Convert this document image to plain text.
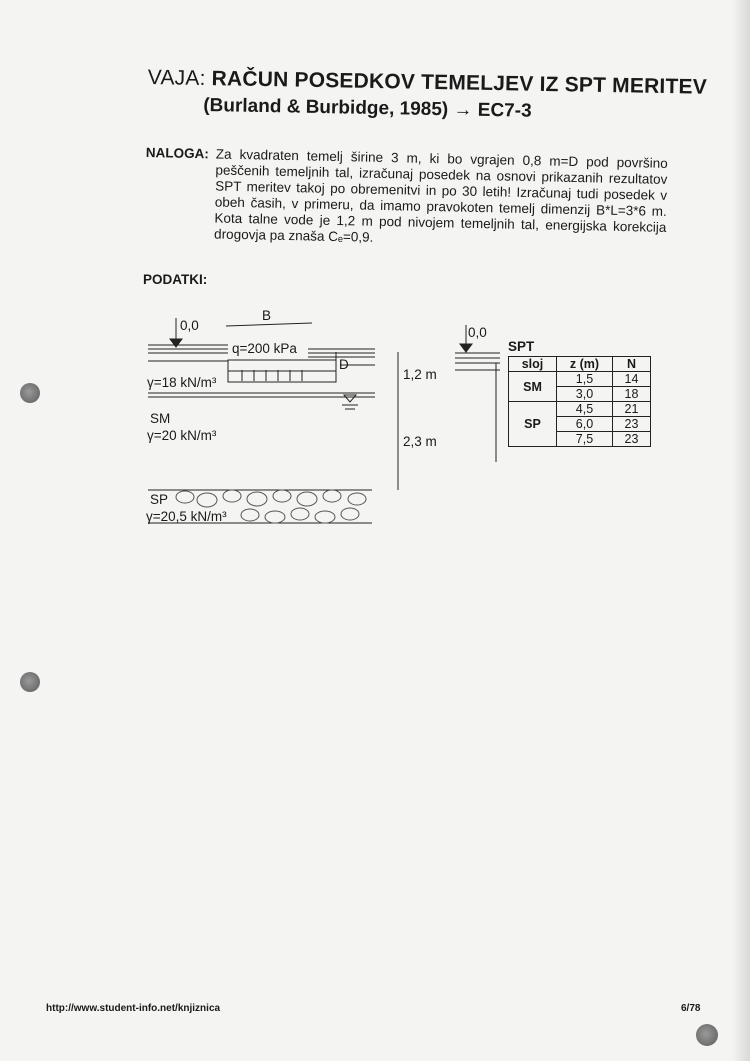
VAJA: RAČUN POSEDKOV TEMELJEV IZ SPT MERITEV
(Burland & Burbidge, 1985) → EC7-3
NALOGA: Za kvadraten temelj širine 3 m, ki bo vgrajen 0,8 m=D pod površino peščenih temeljnih tal, izračunaj posedek na osnovi prikazanih rezultatov SPT meritev takoj po obremenitvi in po 30 letih! Izračunaj tudi posedek v obeh časih, v primeru, da imamo pravokoten temelj dimenzij B*L=3*6 m. Kota talne vode je 1,2 m pod nivojem temeljnih tal, energijska korekcija drogovja pa znaša Cₑ=0,9.
PODATKI:
0,0
B
q=200 kPa
D
γ=18 kN/m³
1,2 m
SM
γ=20 kN/m³	2,3 m
SP
γ=20,5 kN/m³
0,0
SPT
sloj	z (m)	N
SM	1,5	14
	3,0	18
SP	4,5	21
	6,0	23
	7,5	23
http://www.student-info.net/knjiznica	6/78
